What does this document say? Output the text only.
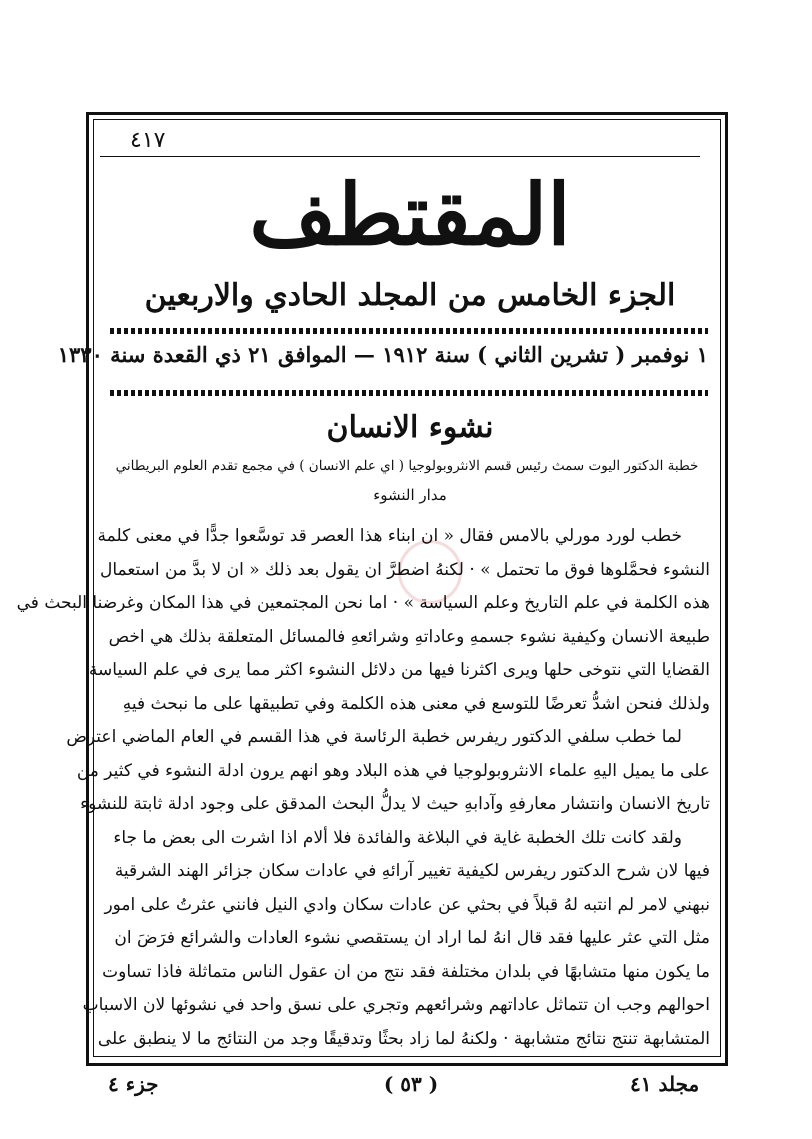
٤١٧
المقتطف
الجزء الخامس من المجلد الحادي والاربعين
١ نوفمبر ( تشرين الثاني ) سنة ١٩١٢ — الموافق ٢١ ذي القعدة سنة ١٣٣٠
نشوء الانسان
خطبة الدكتور اليوت سمث رئيس قسم الانثروبولوجيا ( اي علم الانسان ) في مجمع تقدم العلوم البريطاني
مدار النشوء
خطب لورد مورلي بالامس فقال « ان ابناء هذا العصر قد توسَّعوا جدًّا في معنى كلمة
النشوء فحمَّلوها فوق ما تحتمل » · لكنهُ اضطرَّ ان يقول بعد ذلك « ان لا بدَّ من استعمال
هذه الكلمة في علم التاريخ وعلم السياسة » · اما نحن المجتمعين في هذا المكان وغرضنا البحث في
طبيعة الانسان وكيفية نشوء جسمهِ وعاداتهِ وشرائعهِ فالمسائل المتعلقة بذلك هي اخص
القضايا التي نتوخى حلها ويرى اكثرنا فيها من دلائل النشوء اكثر مما يرى في علم السياسة
ولذلك فنحن اشدُّ تعرضًا للتوسع في معنى هذه الكلمة وفي تطبيقها على ما نبحث فيهِ
لما خطب سلفي الدكتور ريفرس خطبة الرئاسة في هذا القسم في العام الماضي اعترض
على ما يميل اليهِ علماء الانثروبولوجيا في هذه البلاد وهو انهم يرون ادلة النشوء في كثير من
تاريخ الانسان وانتشار معارفهِ وآدابهِ حيث لا يدلُّ البحث المدقق على وجود ادلة ثابتة للنشوء
ولقد كانت تلك الخطبة غاية في البلاغة والفائدة فلا ألام اذا اشرت الى بعض ما جاء
فيها لان شرح الدكتور ريفرس لكيفية تغيير آرائهِ في عادات سكان جزائر الهند الشرقية
نبهني لامر لم انتبه لهُ قبلاً في بحثي عن عادات سكان وادي النيل فانني عثرتُ على امور
مثل التي عثر عليها فقد قال انهُ لما اراد ان يستقصي نشوء العادات والشرائع فرَضَ ان
ما يكون منها متشابهًا في بلدان مختلفة فقد نتج من ان عقول الناس متماثلة فاذا تساوت
احوالهم وجب ان تتماثل عاداتهم وشرائعهم وتجري على نسق واحد في نشوئها لان الاسباب
المتشابهة تنتج نتائج متشابهة · ولكنهُ لما زاد بحثًا وتدقيقًا وجد من النتائج ما لا ينطبق على
جزء ٤	( ٥٣ )	مجلد ٤١
